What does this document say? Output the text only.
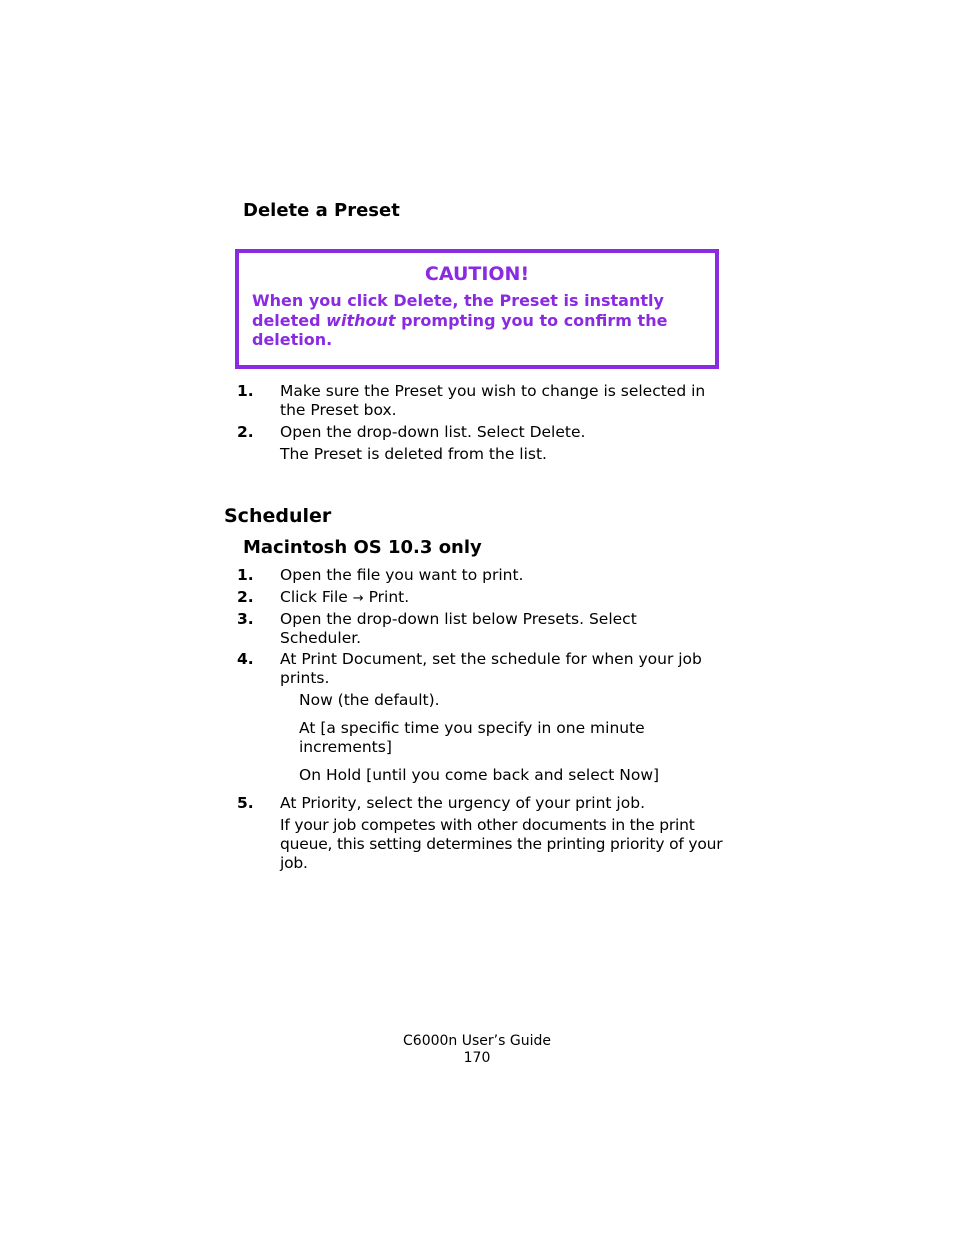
Delete a Preset
CAUTION!
When you click Delete, the Preset is instantly deleted without prompting you to confirm the deletion.
1. Make sure the Preset you wish to change is selected in the Preset box.
2. Open the drop-down list. Select Delete.
The Preset is deleted from the list.
Scheduler
Macintosh OS 10.3 only
1. Open the file you want to print.
2. Click File → Print.
3. Open the drop-down list below Presets. Select Scheduler.
4. At Print Document, set the schedule for when your job prints.
Now (the default).
At [a specific time you specify in one minute increments]
On Hold [until you come back and select Now]
5. At Priority, select the urgency of your print job.
If your job competes with other documents in the print queue, this setting determines the printing priority of your job.
C6000n User’s Guide
170
